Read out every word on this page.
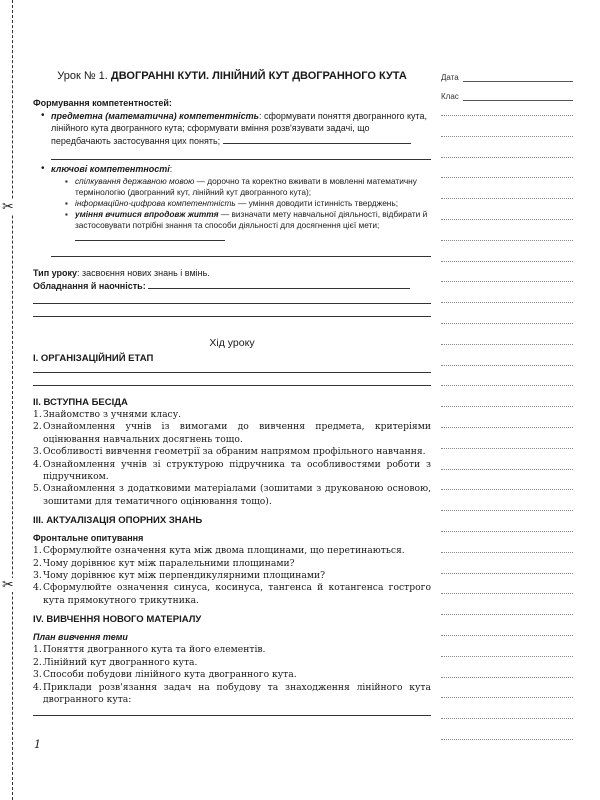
✂
✂
Урок № 1. ДВОГРАННІ КУТИ. ЛІНІЙНИЙ КУТ ДВОГРАННОГО КУТА
Формування компетентностей:
• предметна (математична) компетентність: сформувати поняття двогранного кута, лінійного кута двогранного кута; сформувати вміння розв'язувати задачі, що передбачають застосування цих понять;
• ключові компетентності:
▪ спілкування державною мовою — дорочно та коректно вживати в мовленні математичну термінологію (двогранний кут, лінійний кут двогранного кута);
▪ інформаційно-цифрова компетентність — уміння доводити істинність тверджень;
▪ уміння вчитися впродовж життя — визначати мету навчальної діяльності, відбирати й застосовувати потрібні знання та способи діяльності для досягнення цієї мети;
Тип уроку: засвоєння нових знань і вмінь.
Обладнання й наочність:
Хід уроку
I. ОРГАНІЗАЦІЙНИЙ ЕТАП
II. ВСТУПНА БЕСІДА
1. Знайомство з учнями класу.
2. Ознайомлення учнів із вимогами до вивчення предмета, критеріями оцінювання навчальних досягнень тощо.
3. Особливості вивчення геометрії за обраним напрямом профільного навчання.
4. Ознайомлення учнів зі структурою підручника та особливостями роботи з підручником.
5. Ознайомлення з додатковими матеріалами (зошитами з друкованою основою, зошитами для тематичного оцінювання тощо).
III. АКТУАЛІЗАЦІЯ ОПОРНИХ ЗНАНЬ
Фронтальне опитування
1. Сформулюйте означення кута між двома площинами, що перетинаються.
2. Чому дорівнює кут між паралельними площинами?
3. Чому дорівнює кут між перпендикулярними площинами?
4. Сформулюйте означення синуса, косинуса, тангенса й котангенса гострого кута прямокутного трикутника.
IV. ВИВЧЕННЯ НОВОГО МАТЕРІАЛУ
План вивчення теми
1. Поняття двогранного кута та його елементів.
2. Лінійний кут двогранного кута.
3. Способи побудови лінійного кута двогранного кута.
4. Приклади розв'язання задач на побудову та знаходження лінійного кута двогранного кута:
Дата
Клас
1
